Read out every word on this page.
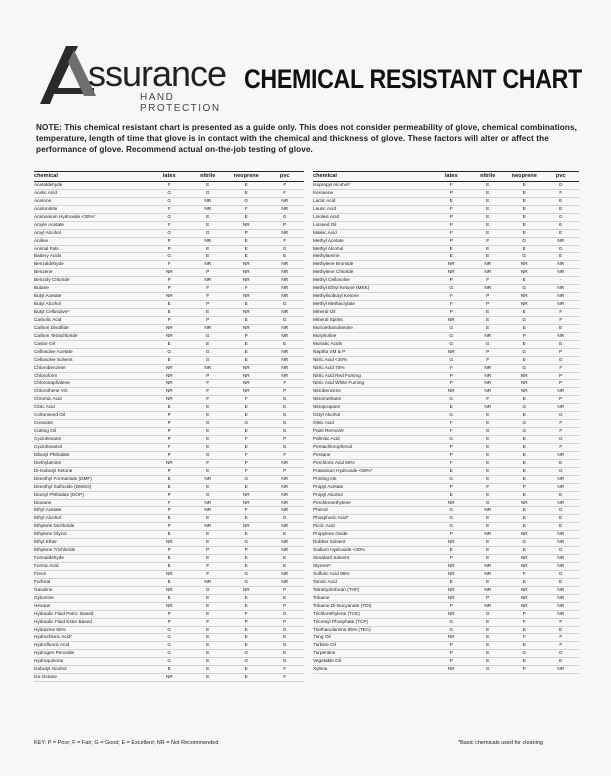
ssurance
HAND PROTECTION
CHEMICAL RESISTANT CHART
NOTE: This chemical resistant chart is presented as a guide only. This does not consider permeability of glove, chemical combinations, temperature, length of time that glove is in contact with the chemical and thickness of glove. These factors will alter or affect the performance of glove. Recommend actual on-the-job testing of glove.
chemical	latex	nitrile	neoprene	pvc
Acetaldehyde	F	E	E	F
Acetic Acid	G	G	E	F
Acetone	G	NR	G	NR
Acetonitrile	F	NR	F	NR
Ammonium Hydroxide <30%*	G	E	E	G
Amyle Acetate	F	E	NR	P
Amyl Alcohol	G	G	P	NR
Aniline	P	NR	E	F
Animal Fats	P	E	E	G
Battery Acids	G	E	E	E
Benzaldehyde	F	NR	NR	NR
Benzene	NR	P	NR	NR
Benzoly Chloride	P	NR	NR	NR
Butane	P	F	F	NR
Butyl Acetate	NR	F	NR	NR
Butyl Alcohol	E	P	E	G
Butyl Cellusolve*	E	E	NR	NR
Carbolic Acid	P	P	E	G
Carbon Disulfide	NR	NR	NR	NR
Carbon Tetrachloride	NR	G	P	NR
Castor Oil	E	E	E	E
Cellosolve Acetate	G	G	E	NR
Cellosolve Solvent	E	G	E	NR
Chlorobenzene	NR	NR	NR	NR
Chloroform	NR	P	NR	NR
Chloronaphalene	NR	F	NR	F
Chlorothene VG	NR	F	NR	P
Chromic Acid	NR	F	F	G
Citric Acid	E	E	E	E
Cottonseed Oil	P	E	E	G
Creosote	P	G	G	G
Cutting Oil	P	E	E	G
Cyclohexane	P	E	F	P
Cyclohexanol	F	E	E	G
Dibutyl Phthalate	P	G	F	F
Diethylamine	NR	F	P	NR
Di-Isobutyl Ketone	P	E	F	P
Dimethyl Formamide (DMF)	E	NR	G	NR
Dimethyl Sulfoxide (DMSO)	E	E	E	NR
Dioctyl Phthalate (DOP)	P	G	NR	NR
Dioxane	F	NR	NR	NR
Ethyl Acetate	P	NR	F	NR
Ethyl Alcohol	E	E	E	G
Ethylene Dichloride	P	NR	NR	NR
Ethylene Glycol	E	E	E	E
Ethyl Ether	NR	E	G	NR
Ethylene Trichloride	P	P	P	NR
Formaldehyde	E	E	E	E
Formic Acid	E	F	E	E
Freon	NR	F	G	NR
Furfural	E	NR	G	NR
Gasoline	NR	G	NR	P
Gylcerine	E	E	E	E
Hexane	NR	E	E	P
Hydraulic Fluid Petro. Based	P	E	F	G
Hydraulic Fluid Ester Based	P	F	P	P
Hydrazine 65%	G	E	E	G
Hydrochloric Acid*	G	E	E	E
Hydrofluoric Acid	G	E	E	G
Hydrogen Peroxide	G	E	G	E
Hydroquinone	G	E	G	G
Isobutyl Alcohol	E	E	E	F
Iso-Octane	NR	E	E	F
chemical	latex	nitrile	neoprene	pvc
Isopropyl Alcohol*	F	E	E	G
Kerosene	P	E	E	F
Lactic Acid	E	E	E	E
Lauric Acid	F	E	E	E
Linoleic Acid	P	E	E	G
Linseed Oil	P	E	E	E
Maleic Acid	F	E	E	E
Methyl Acetate	P	F	G	NR
Methyl Alcohol	E	E	E	G
Methylamine	E	E	G	E
Methylene Bromide	NR	NR	NR	NR
Methylene Chloride	NR	NR	NR	NR
Methyl Cellosolve	P	F	E	-
Methyl Ethyl Ketone (MEK)	G	NR	G	NR
Methylisobutyl Ketone	F	P	NR	NR
Methyl Methacrylate	F	P	NR	NR
Mineral Oil	P	E	E	F
Mineral Spirits	NR	E	G	F
Monoethanolamine	G	E	E	E
Morpholine	G	NR	P	NR
Muriatic Acids	G	G	E	E
Naptha VM & P	NR	P	G	P
Nitric Acid <30%	G	F	E	G
Nitric Acid 70%	F	NR	G	F
Nitric Acid Red Fuming	P	NR	NR	P
Nitric Acid White Fuming	P	NR	NR	P
Nitrobenzene	NR	NR	NR	NR
Nitromethane	G	F	E	P
Nitropropane	E	NR	G	NR
Octyl Alcohol	G	E	E	G
Oleic Acid	F	E	G	F
Paint Remover	F	G	G	F
Palmitic Acid	G	E	E	G
Pentachlorophenol	P	E	E	F
Pentane	P	E	E	NR
Perchloric Acid 60%	F	E	E	E
Potassium Hydroxide <50%*	E	E	E	G
Printing Ink	G	E	E	NR
Propyl Acetate	P	F	P	NR
Propyl Alcohol	E	E	E	E
Perchloroethylene	NR	G	NR	NR
Phenol	G	NR	E	G
Phosphoric Acid*	G	E	E	E
Picric Acid	G	E	E	E
Propylene Oxide	P	NR	NR	NR
Rubber Solvent	NR	E	G	NR
Sodium Hydroxide <30%	E	E	E	G
Stoddard Solvent	P	E	NR	NR
Styrene*	NR	NR	NR	NR
Sulfuric Acid 95%	NR	NR	F	G
Tannic Acid	E	E	E	E
Tetrahydrofuran (THF)	NR	NR	NR	NR
Toluene	NR	P	NR	NR
Toluene Di-Isocyanate (TDI)	P	NR	NR	NR
Trichlorethylene (TCE)	NR	G	P	NR
Tricresyl Phosphate (TCP)	G	E	F	F
Triethanolamine 85% (TEA)	G	E	E	E
Tung Oil	NR	E	F	F
Turbine Oil	P	E	E	F
Turpentine	P	E	G	G
Vegetable Oil	P	E	E	E
Xylene	NR	G	P	NR
KEY: P = Poor; F = Fair; G = Good; E = Excellent; NR = Not Recommended	*Basic chemicals used for cleaning
